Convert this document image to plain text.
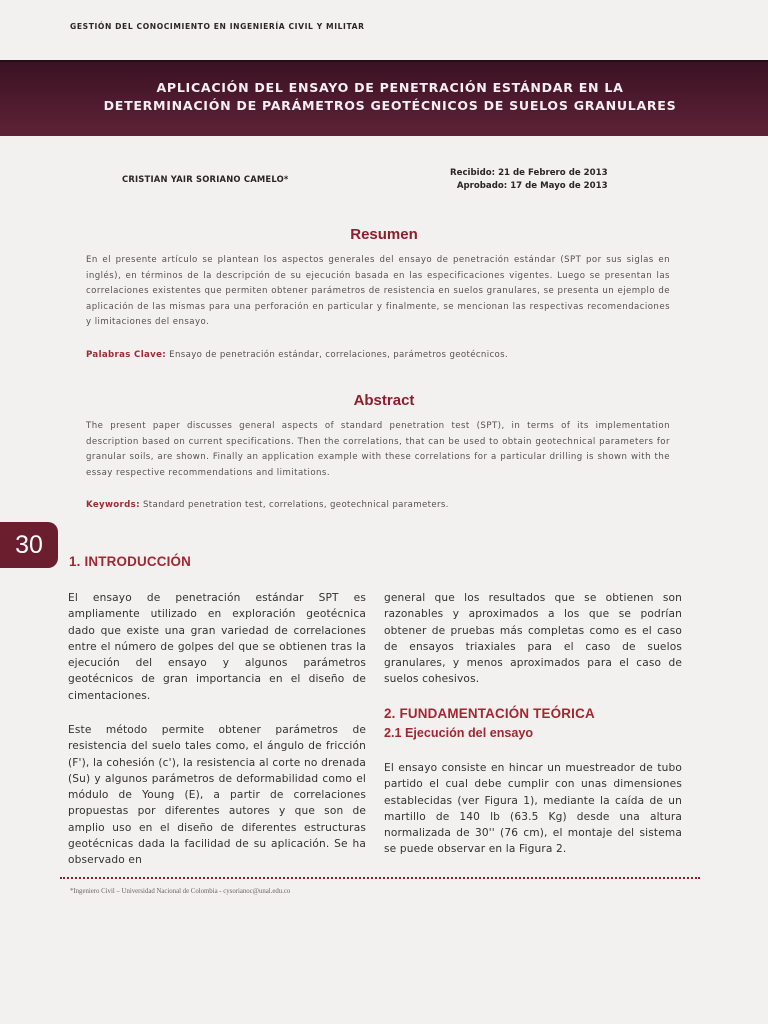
GESTIÓN DEL CONOCIMIENTO EN INGENIERÍA CIVIL Y MILITAR
APLICACIÓN DEL ENSAYO DE PENETRACIÓN ESTÁNDAR EN LA
DETERMINACIÓN DE PARÁMETROS GEOTÉCNICOS DE SUELOS GRANULARES
CRISTIAN YAIR SORIANO CAMELO*
Recibido: 21 de Febrero de 2013
Aprobado: 17 de Mayo de 2013
Resumen
En el presente artículo se plantean los aspectos generales del ensayo de penetración estándar (SPT por sus siglas en inglés), en términos de la descripción de su ejecución basada en las especificaciones vigentes. Luego se presentan las correlaciones existentes que permiten obtener parámetros de resistencia en suelos granulares, se presenta un ejemplo de aplicación de las mismas para una perforación en particular y finalmente, se mencionan las respectivas recomendaciones y limitaciones del ensayo.
Palabras Clave: Ensayo de penetración estándar, correlaciones, parámetros geotécnicos.
Abstract
The present paper discusses general aspects of standard penetration test (SPT), in terms of its implementation description based on current specifications. Then the correlations, that can be used to obtain geotechnical parameters for granular soils, are shown. Finally an application example with these correlations for a particular drilling is shown with the essay respective recommendations and limitations.
Keywords: Standard penetration test, correlations, geotechnical parameters.
30
1. INTRODUCCIÓN
El ensayo de penetración estándar SPT es ampliamente utilizado en exploración geotécnica dado que existe una gran variedad de correlaciones entre el número de golpes del que se obtienen tras la ejecución del ensayo y algunos parámetros geotécnicos de gran importancia en el diseño de cimentaciones.
Este método permite obtener parámetros de resistencia del suelo tales como, el ángulo de fricción (F'), la cohesión (c'), la resistencia al corte no drenada (Su) y algunos parámetros de deformabilidad como el módulo de Young (E), a partir de correlaciones propuestas por diferentes autores y que son de amplio uso en el diseño de diferentes estructuras geotécnicas dada la facilidad de su aplicación. Se ha observado en
general que los resultados que se obtienen son razonables y aproximados a los que se podrían obtener de pruebas más completas como es el caso de ensayos triaxiales para el caso de suelos granulares, y menos aproximados para el caso de suelos cohesivos.
2. FUNDAMENTACIÓN TEÓRICA
2.1 Ejecución del ensayo
El ensayo consiste en hincar un muestreador de tubo partido el cual debe cumplir con unas dimensiones establecidas (ver Figura 1), mediante la caída de un martillo de 140 lb (63.5 Kg) desde una altura normalizada de 30'' (76 cm), el montaje del sistema se puede observar en la Figura 2.
*Ingeniero Civil – Universidad Nacional de Colombia - cysorianoc@unal.edu.co
